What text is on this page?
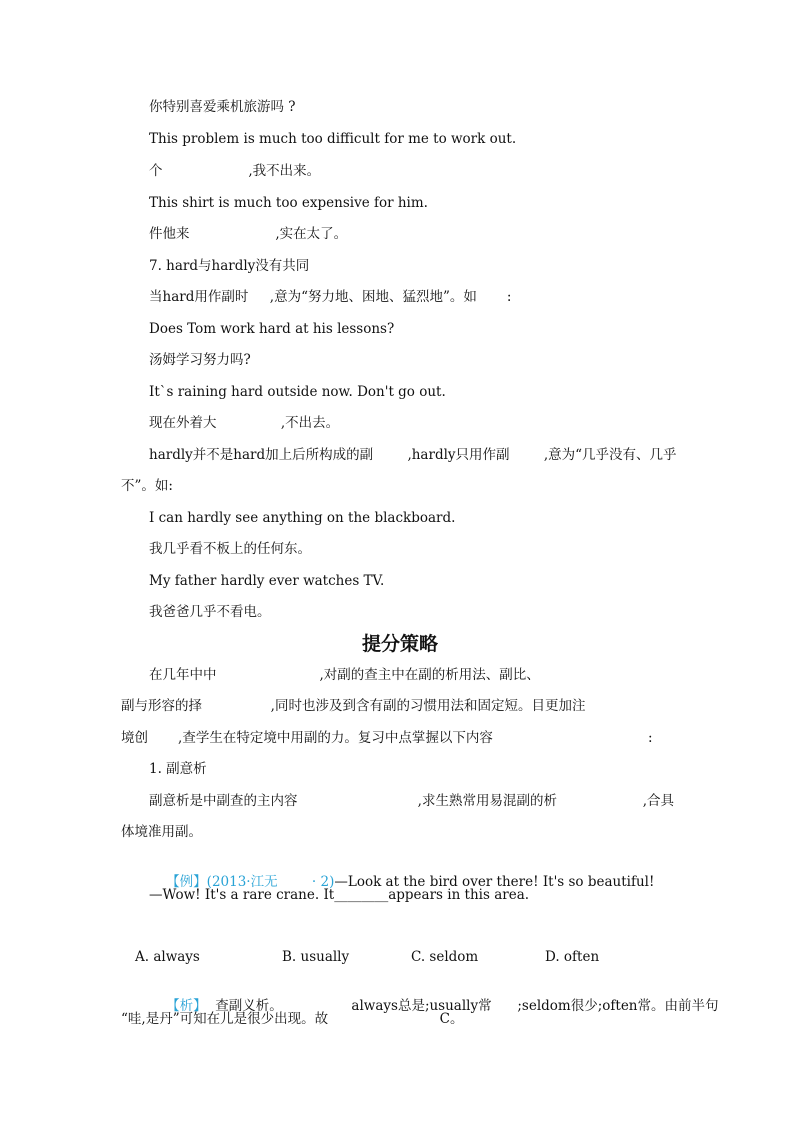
你特别喜爱乘机旅游吗 ?
This problem is much too difficult for me to work out.
个                    ,我不出来。
This shirt is much too expensive for him.
件他来                    ,实在太了。
7. hard与hardly没有共同
当hard用作副时     ,意为“努力地、困地、猛烈地”。如       :
Does Tom work hard at his lessons?
汤姆学习努力吗?
It`s raining hard outside now. Don't go out.
现在外着大               ,不出去。
hardly并不是hard加上后所构成的副        ,hardly只用作副        ,意为“几乎没有、几乎
不”。如:
I can hardly see anything on the blackboard.
我几乎看不板上的任何东。
My father hardly ever watches TV.
我爸爸几乎不看电。
提分策略
在几年中中                        ,对副的查主中在副的析用法、副比、
副与形容的择                ,同时也涉及到含有副的习惯用法和固定短。目更加注
境创       ,查学生在特定境中用副的力。复习中点掌握以下内容	:
1. 副意析
副意析是中副查的主内容                            ,求生熟常用易混副的析                    ,合具
体境准用副。

【例】(2013·江无        · 2)—Look at the bird over there! It's so beautiful!

—Wow! It's a rare crane. It________appears in this area.
A. always	B. usually	C. seldom	D. often

【析】  查副义析。                always总是;usually常      ;seldom很少;often常。由前半句

“哇,是丹”可知在儿是很少出现。故                          C。
